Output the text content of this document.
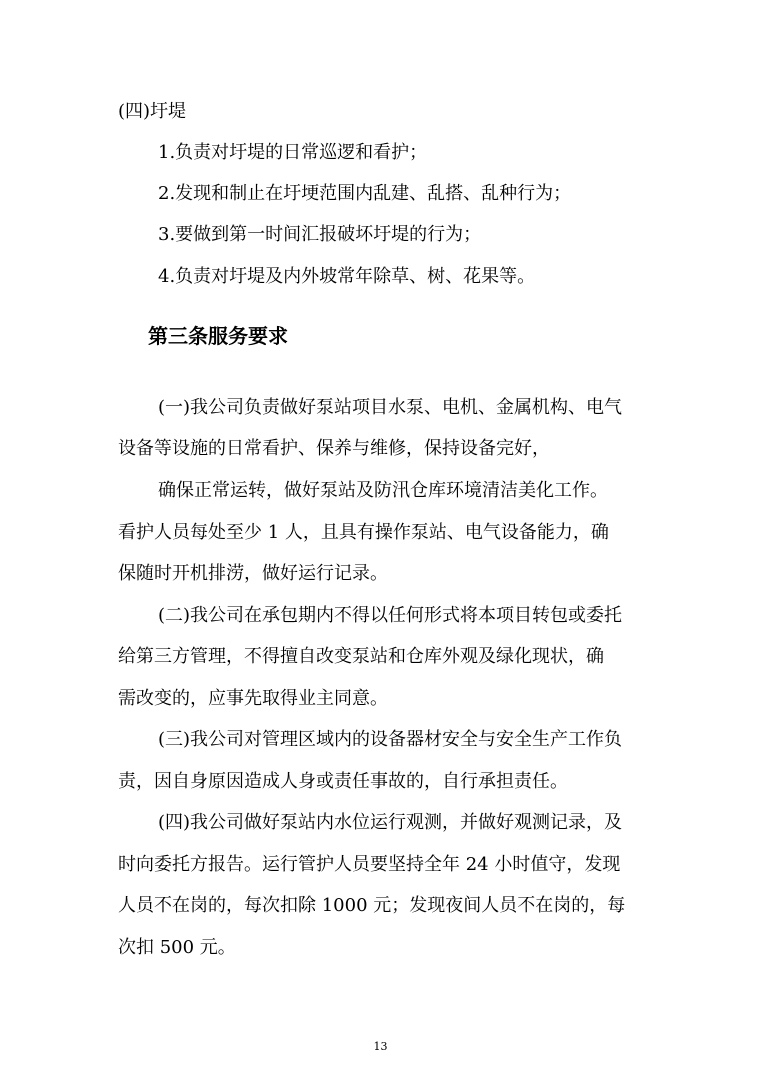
(四)圩堤

1.负责对圩堤的日常巡逻和看护；

2.发现和制止在圩埂范围内乱建、乱搭、乱种行为；

3.要做到第一时间汇报破坏圩堤的行为；

4.负责对圩堤及内外坡常年除草、树、花果等。

第三条服务要求

(一)我公司负责做好泵站项目水泵、电机、金属机构、电气

设备等设施的日常看护、保养与维修，保持设备完好，

确保正常运转，做好泵站及防汛仓库环境清洁美化工作。

看护人员每处至少 1 人，且具有操作泵站、电气设备能力，确

保随时开机排涝，做好运行记录。

(二)我公司在承包期内不得以任何形式将本项目转包或委托

给第三方管理，不得擅自改变泵站和仓库外观及绿化现状，确

需改变的，应事先取得业主同意。

(三)我公司对管理区域内的设备器材安全与安全生产工作负

责，因自身原因造成人身或责任事故的，自行承担责任。

(四)我公司做好泵站内水位运行观测，并做好观测记录，及

时向委托方报告。运行管护人员要坚持全年 24 小时值守，发现

人员不在岗的，每次扣除 1000 元；发现夜间人员不在岗的，每

次扣 500 元。

13
